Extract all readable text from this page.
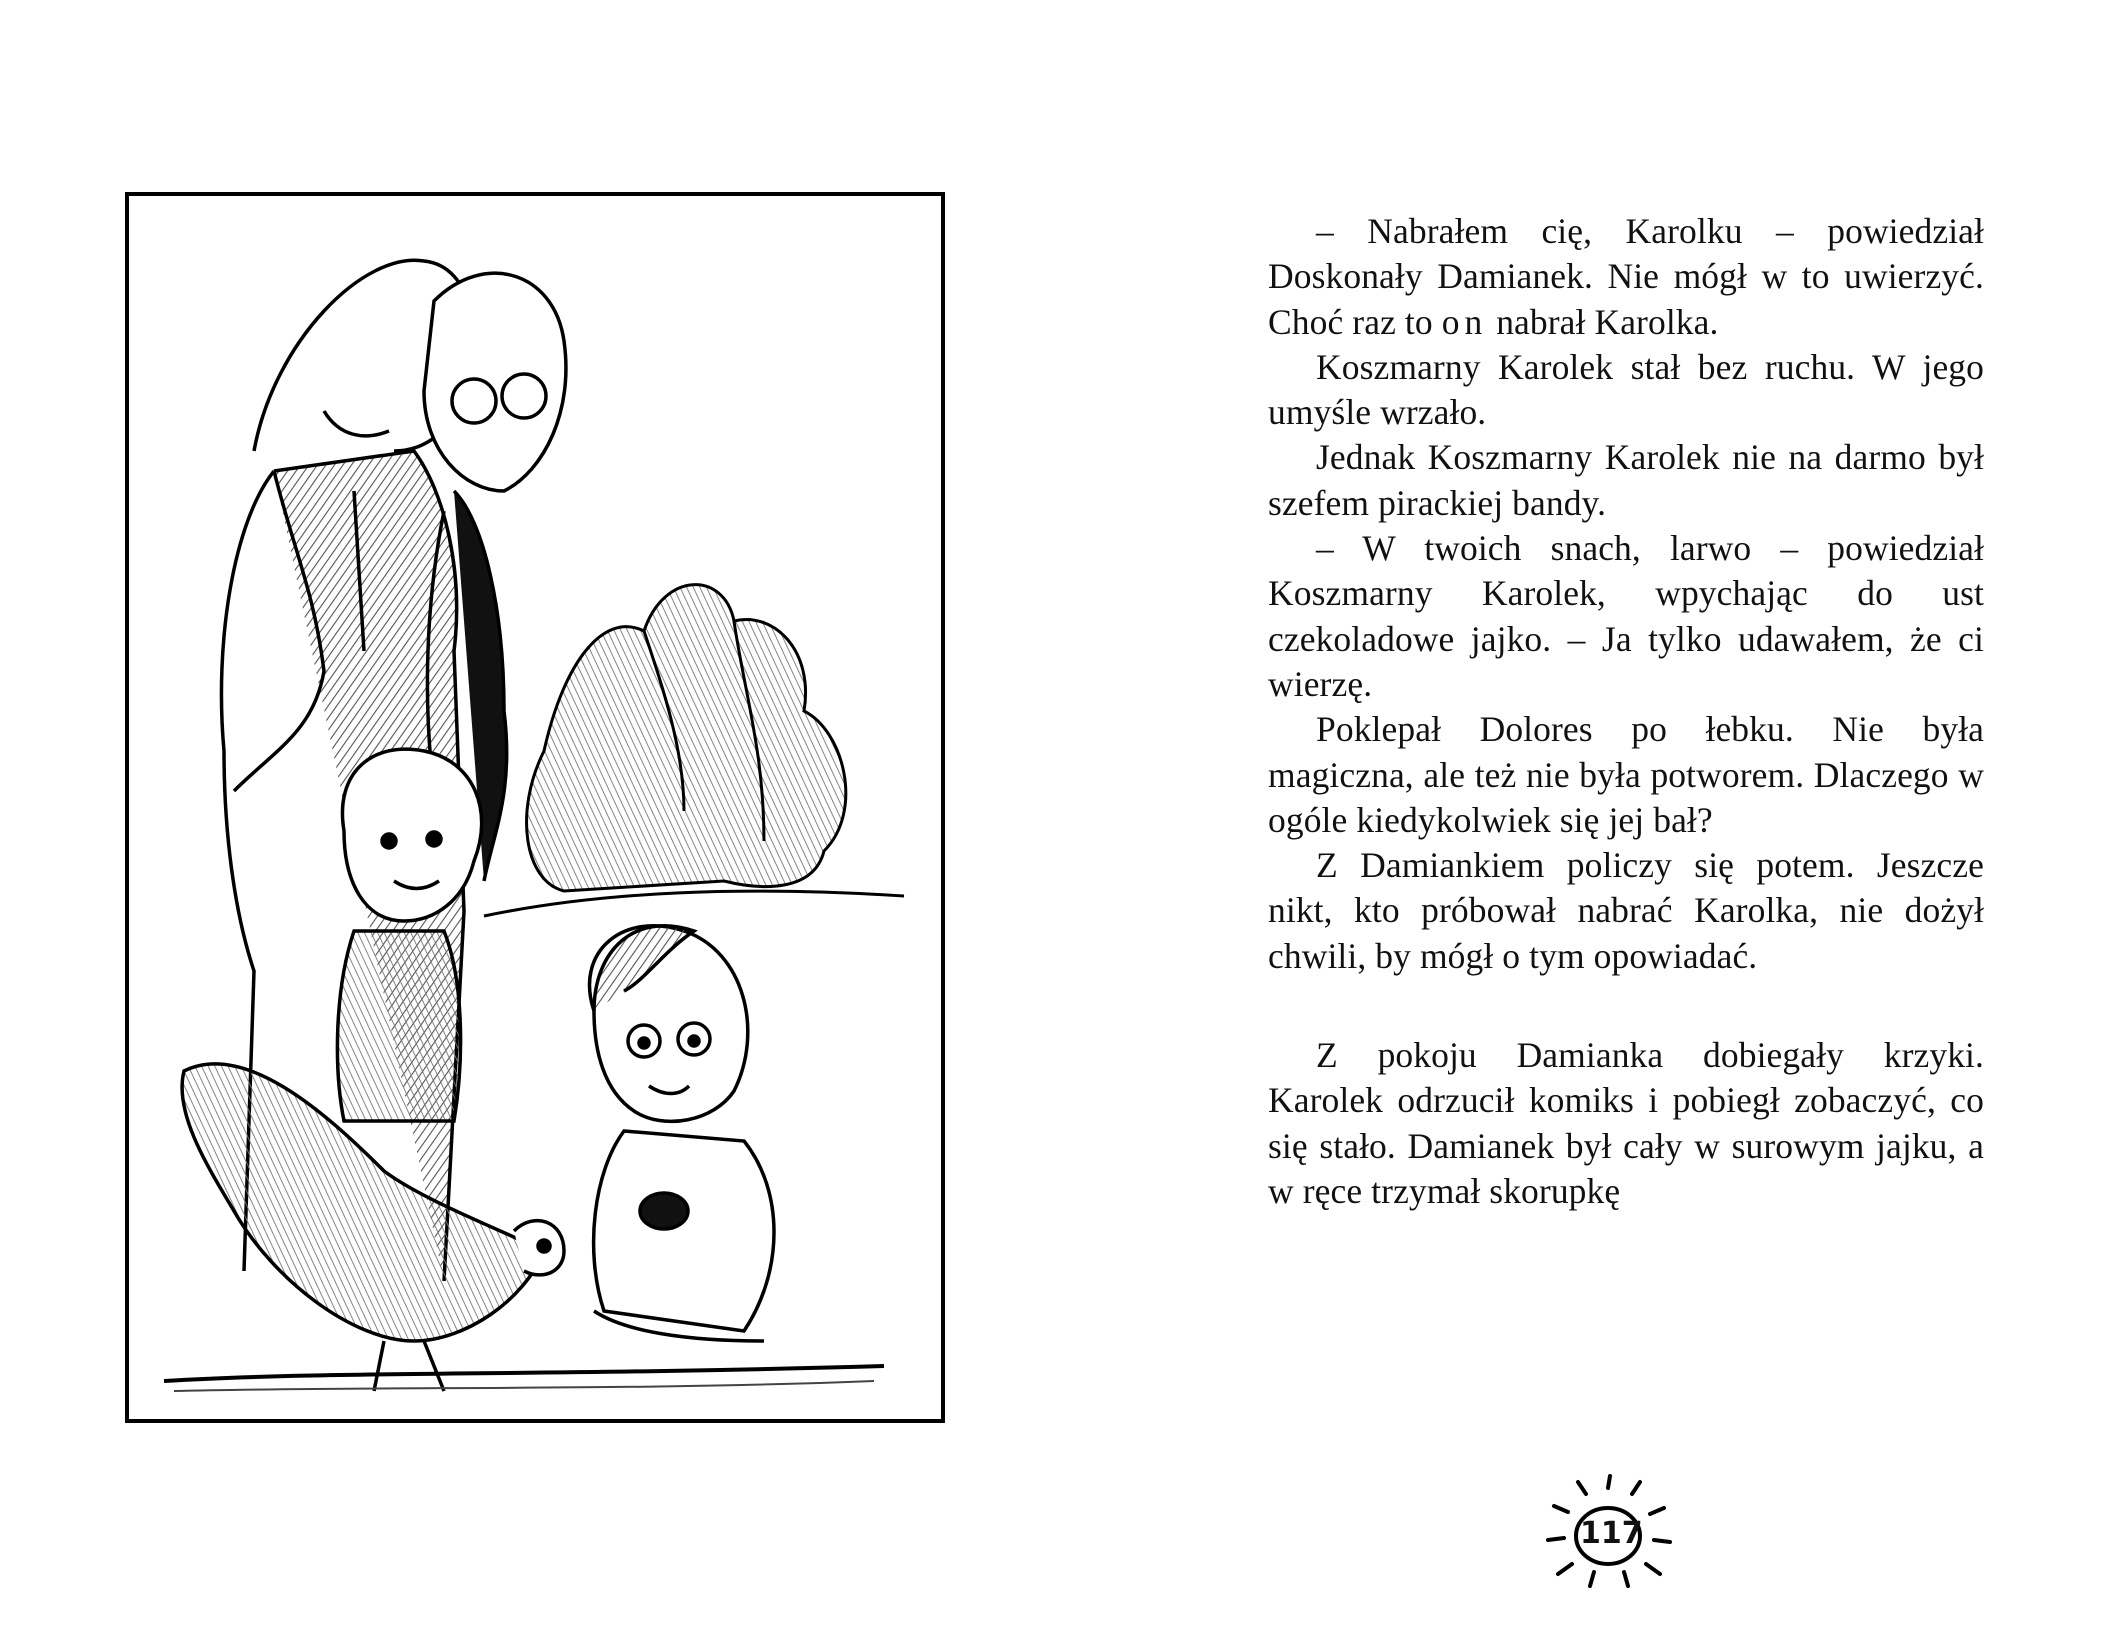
– Nabrałem cię, Karolku – powiedział Doskonały Damianek. Nie mógł w to uwierzyć. Choć raz to on nabrał Karolka.

Koszmarny Karolek stał bez ruchu. W jego umyśle wrzało.

Jednak Koszmarny Karolek nie na darmo był szefem pirackiej bandy.

– W twoich snach, larwo – powiedział Koszmarny Karolek, wpychając do ust czekoladowe jajko. – Ja tylko udawałem, że ci wierzę.

Poklepał Dolores po łebku. Nie była magiczna, ale też nie była potworem. Dlaczego w ogóle kiedykolwiek się jej bał?

Z Damiankiem policzy się potem. Jeszcze nikt, kto próbował nabrać Karolka, nie dożył chwili, by mógł o tym opowiadać.

Z pokoju Damianka dobiegały krzyki. Karolek odrzucił komiks i pobiegł zobaczyć, co się stało. Damianek był cały w surowym jajku, a w ręce trzymał skorupkę

117
